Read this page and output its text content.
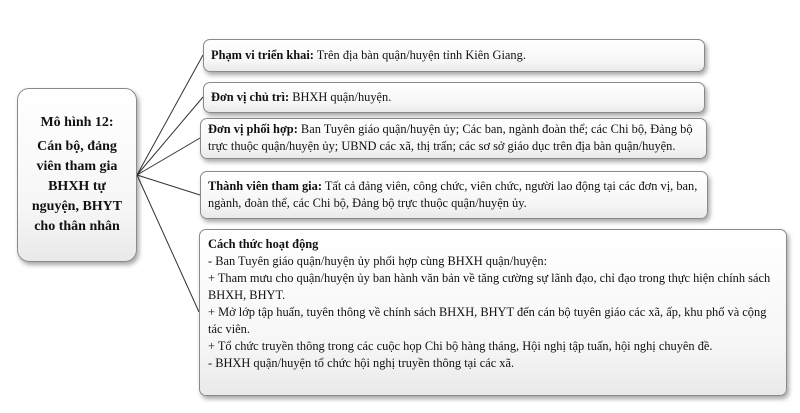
Mô hình 12:
Cán bộ, đảng viên tham gia BHXH tự nguyện, BHYT cho thân nhân
Phạm vi triển khai: Trên địa bàn quận/huyện tỉnh Kiên Giang.
Đơn vị chủ trì: BHXH quận/huyện.
Đơn vị phối hợp: Ban Tuyên giáo quận/huyện ủy; Các ban, ngành đoàn thể; các Chi bộ, Đảng bộ trực thuộc quận/huyện ủy; UBND các xã, thị trấn; các sơ sở giáo dục trên địa bàn quận/huyện.
Thành viên tham gia: Tất cả đảng viên, công chức, viên chức, người lao động tại các đơn vị, ban, ngành, đoàn thể, các Chi bộ, Đảng bộ trực thuộc quận/huyện ủy.
Cách thức hoạt động
- Ban Tuyên giáo quận/huyện ủy phối hợp cùng BHXH quận/huyện:
+ Tham mưu cho quận/huyện ủy ban hành văn bản về tăng cường sự lãnh đạo, chỉ đạo trong thực hiện chính sách BHXH, BHYT.
+ Mở lớp tập huấn, tuyên thông về chính sách BHXH, BHYT đến cán bộ tuyên giáo các xã, ấp, khu phố và cộng tác viên.
+ Tổ chức truyền thông trong các cuộc họp Chi bộ hàng tháng, Hội nghị tập tuấn, hội nghị chuyên đề.
- BHXH quận/huyện tổ chức hội nghị truyền thông tại các xã.
